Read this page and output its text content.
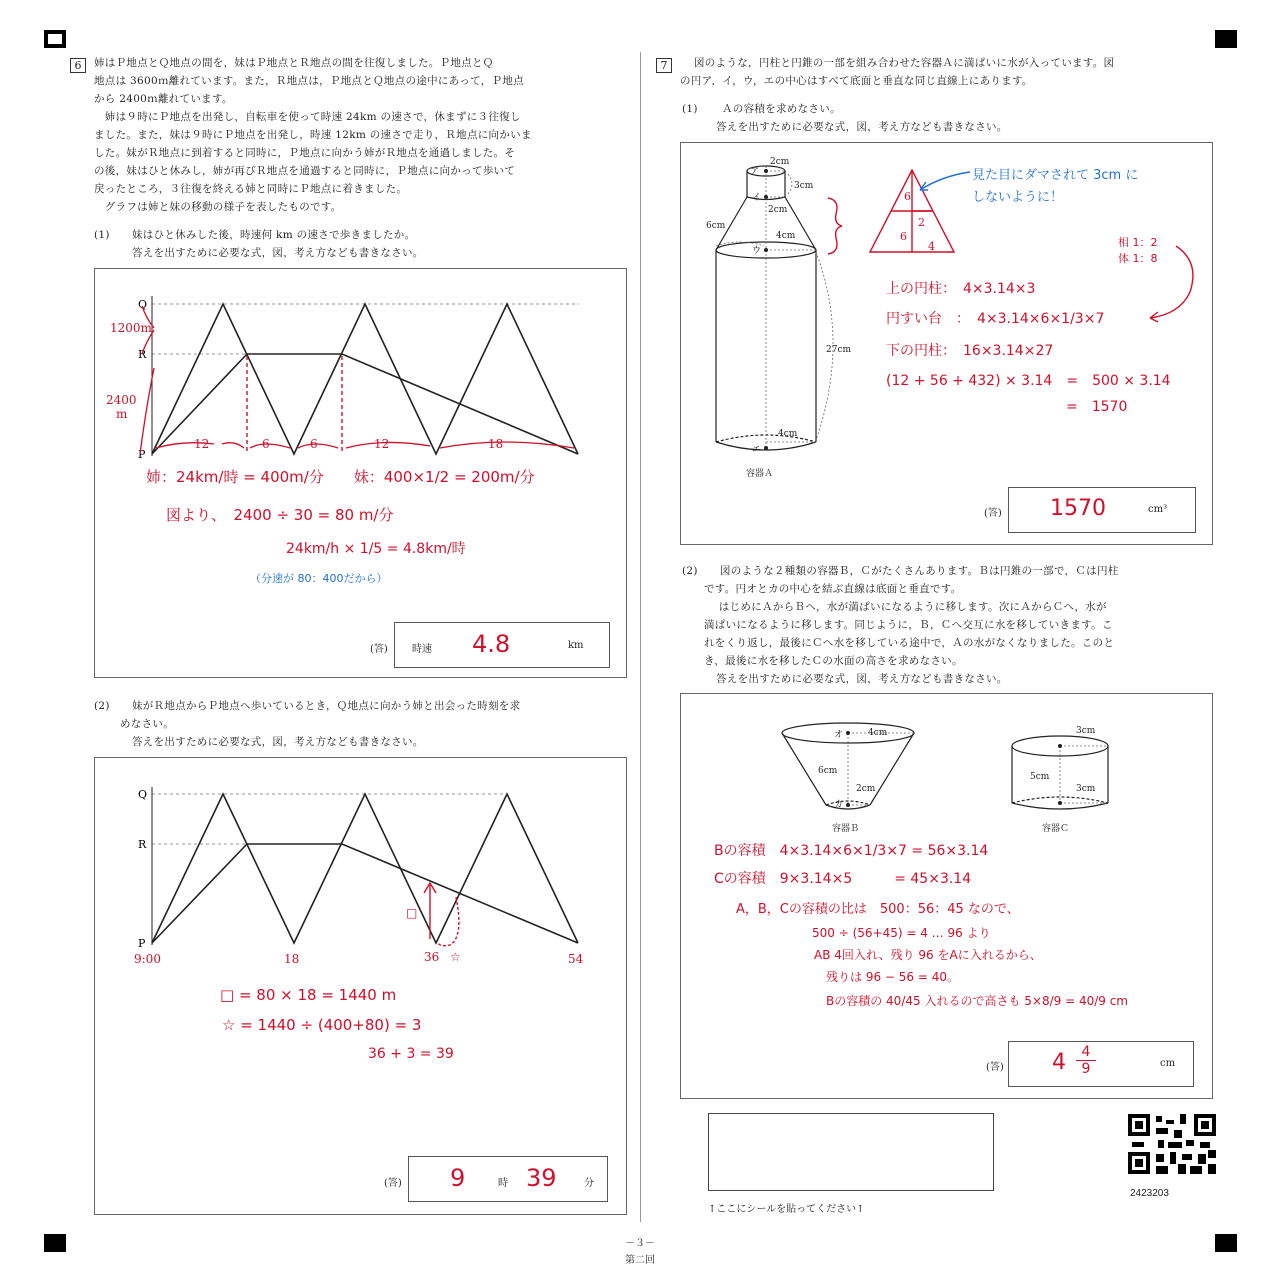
6	姉はＰ地点とＱ地点の間を，妹はＰ地点とＲ地点の間を往復しました。Ｐ地点とＱ
地点は 3600ｍ離れています。また，Ｒ地点は，Ｐ地点とＱ地点の途中にあって，Ｐ地点
から 2400ｍ離れています。
　姉は９時にＰ地点を出発し，自転車を使って時速 24km の速さで，休まずに３往復し
ました。また，妹は９時にＰ地点を出発し，時速 12km の速さで走り，Ｒ地点に向かいま
した。妹がＲ地点に到着すると同時に，Ｐ地点に向かう姉がＲ地点を通過しました。そ
の後，妹はひと休みし，姉が再びＲ地点を通過すると同時に，Ｐ地点に向かって歩いて
戻ったところ，３往復を終える姉と同時にＰ地点に着きました。
　グラフは姉と妹の移動の様子を表したものです。
(1) 妹はひと休みした後，時速何 km の速さで歩きましたか。
答えを出すために必要な式，図，考え方なども書きなさい。
Q
R
P
1200m
2400
m
12	6	6	12	18
姉：24km/時 = 400m/分　　妹：400×1/2 = 200m/分
図より、　2400 ÷ 30 = 80 m/分
24km/h × 1/5 = 4.8km/時
（分速が 80：400だから）
(答) 時速 4.8	km
(2) 妹がＲ地点からＰ地点へ歩いているとき，Ｑ地点に向かう姉と出会った時刻を求
めなさい。
答えを出すために必要な式，図，考え方なども書きなさい。
Q
R
P
□
9:00	18	36 ☆	54
□ = 80 × 18 = 1440 m
☆ = 1440 ÷ (400+80) = 3
36 + 3 = 39
(答) 9	時 39	分
7	図のような，円柱と円錐の一部を組み合わせた容器Ａに満ぱいに水が入っています。図
の円ア，イ，ウ，エの中心はすべて底面と垂直な同じ直線上にあります。
(1) Ａの容積を求めなさい。
答えを出すために必要な式，図，考え方なども書きなさい。
2cm
ア
3cm
イ
2cm
6cm
4cm
ウ
27cm
4cm
エ
容器Ａ
6
2
6
4
見た目にダマされて 3cm に
しないように！
相 1：2
体 1：8
上の円柱：　4×3.14×3
円すい台　：　4×3.14×6×1/3×7
下の円柱：　16×3.14×27
(12 + 56 + 432) × 3.14　=　500 × 3.14
=　1570
(答) 1570	cm³
(2) 図のような２種類の容器Ｂ，Ｃがたくさんあります。Ｂは円錐の一部で，Ｃは円柱
です。円オとカの中心を結ぶ直線は底面と垂直です。
　はじめにＡからＢへ，水が満ぱいになるように移します。次にＡからＣへ，水が
満ぱいになるように移します。同じように，Ｂ，Ｃへ交互に水を移していきます。こ
れをくり返し，最後にＣへ水を移している途中で，Ａの水がなくなりました。このと
き，最後に水を移したＣの水面の高さを求めなさい。
答えを出すために必要な式，図，考え方なども書きなさい。
4cm
オ
6cm
2cm
カ
容器Ｂ
3cm
5cm
3cm
容器Ｃ
Bの容積　4×3.14×6×1/3×7 = 56×3.14
Cの容積　9×3.14×5　　　= 45×3.14
A，B，Cの容積の比は　500：56：45 なので、
500 ÷ (56+45) = 4 … 96 より
AB 4回入れ、残り 96 をAに入れるから、
残りは 96 − 56 = 40。
Bの容積の 40/45 入れるので高さも 5×8/9 = 40/9 cm
(答) 4	4
9	cm
↑ここにシールを貼ってください↑
2423203
－３－
第二回
